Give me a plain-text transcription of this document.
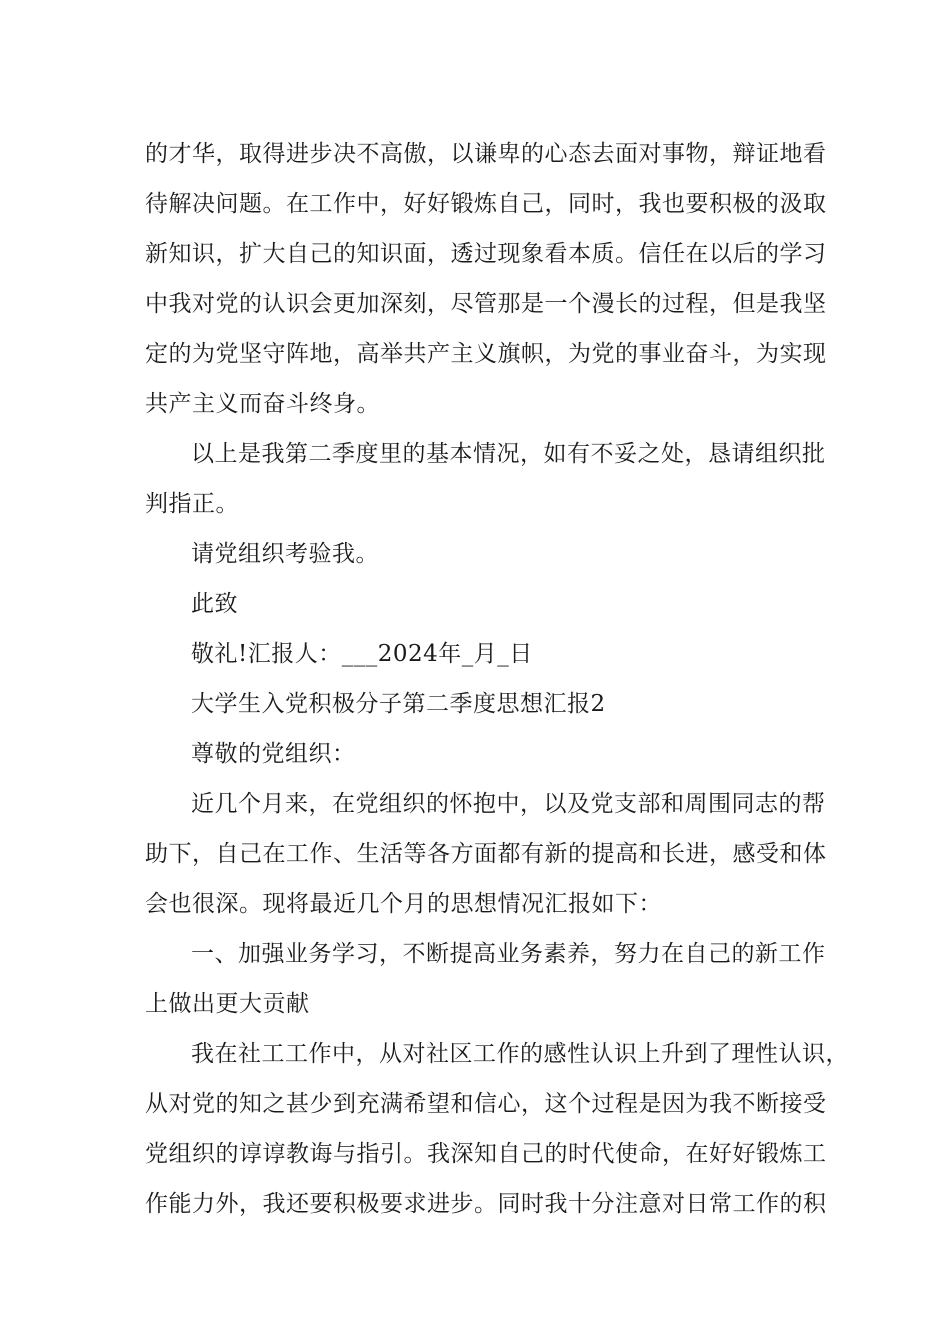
的才华，取得进步决不高傲，以谦卑的心态去面对事物，辩证地看
待解决问题。在工作中，好好锻炼自己，同时，我也要积极的汲取
新知识，扩大自己的知识面，透过现象看本质。信任在以后的学习
中我对党的认识会更加深刻，尽管那是一个漫长的过程，但是我坚
定的为党坚守阵地，高举共产主义旗帜，为党的事业奋斗，为实现
共产主义而奋斗终身。
以上是我第二季度里的基本情况，如有不妥之处，恳请组织批
判指正。
请党组织考验我。
此致
敬礼!汇报人：___2024年_月_日
大学生入党积极分子第二季度思想汇报2
尊敬的党组织：
近几个月来，在党组织的怀抱中，以及党支部和周围同志的帮
助下，自己在工作、生活等各方面都有新的提高和长进，感受和体
会也很深。现将最近几个月的思想情况汇报如下：
一、加强业务学习，不断提高业务素养，努力在自己的新工作
上做出更大贡献
我在社工工作中，从对社区工作的感性认识上升到了理性认识，
从对党的知之甚少到充满希望和信心，这个过程是因为我不断接受
党组织的谆谆教诲与指引。我深知自己的时代使命，在好好锻炼工
作能力外，我还要积极要求进步。同时我十分注意对日常工作的积
